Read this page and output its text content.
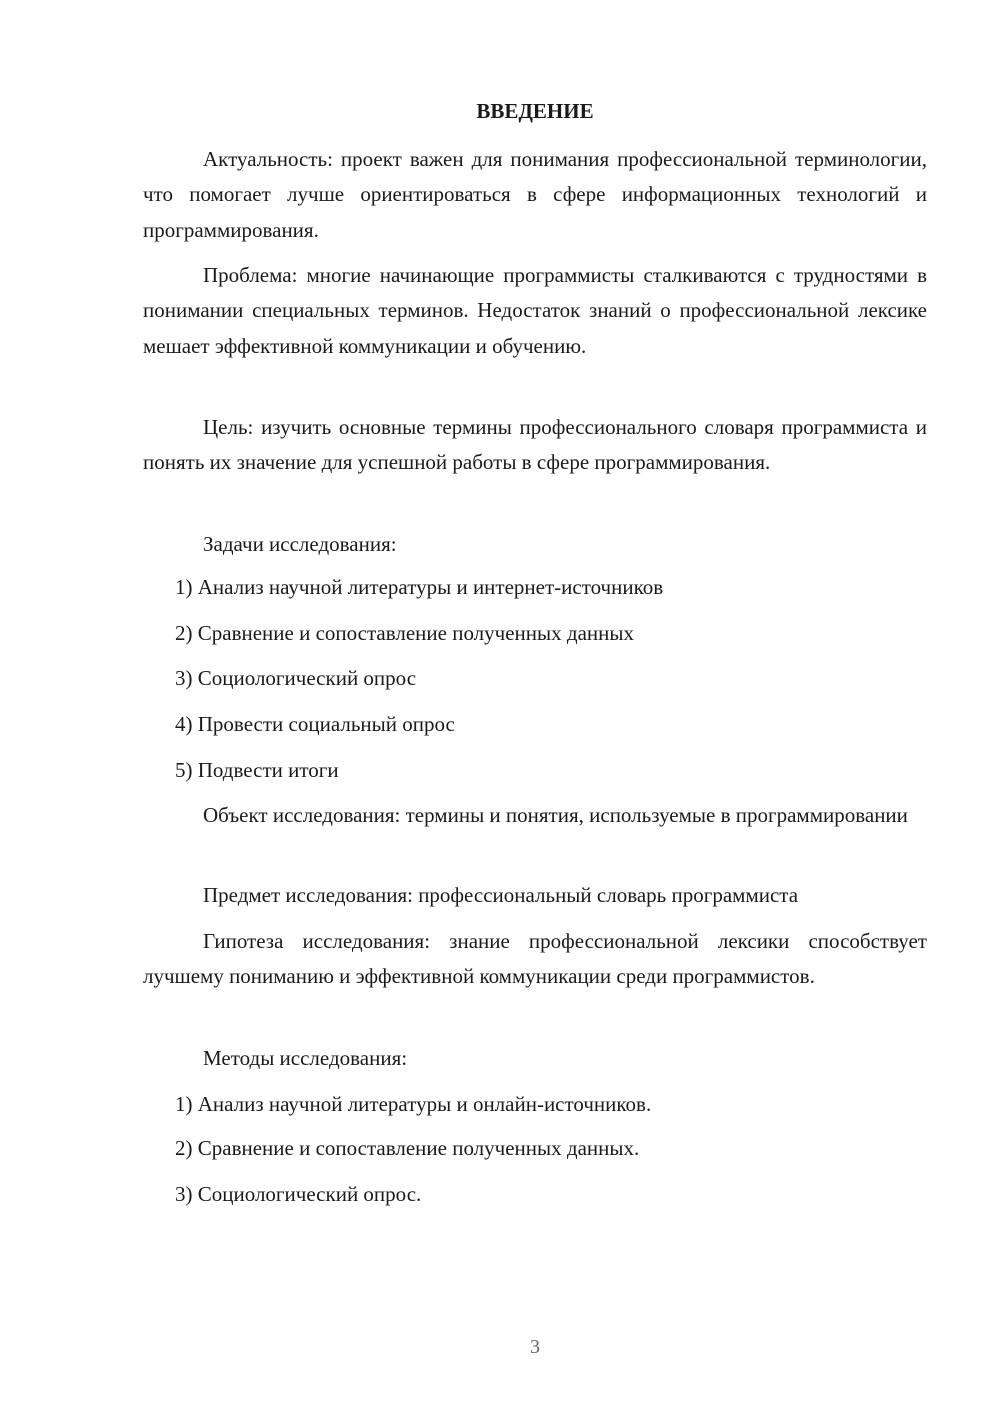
ВВЕДЕНИЕ

Актуальность: проект важен для понимания профессиональной терминологии, что помогает лучше ориентироваться в сфере информационных технологий и программирования.

Проблема: многие начинающие программисты сталкиваются с трудностями в понимании специальных терминов. Недостаток знаний о профессиональной лексике мешает эффективной коммуникации и обучению.

Цель: изучить основные термины профессионального словаря программиста и понять их значение для успешной работы в сфере программирования.

Задачи исследования:

1) Анализ научной литературы и интернет-источников

2) Сравнение и сопоставление полученных данных

3) Социологический опрос

4) Провести социальный опрос

5) Подвести итоги

Объект исследования: термины и понятия, используемые в программировании

Предмет исследования: профессиональный словарь программиста

Гипотеза исследования: знание профессиональной лексики способствует лучшему пониманию и эффективной коммуникации среди программистов.

Методы исследования:

1) Анализ научной литературы и онлайн-источников.

2) Сравнение и сопоставление полученных данных.

3) Социологический опрос.

3
